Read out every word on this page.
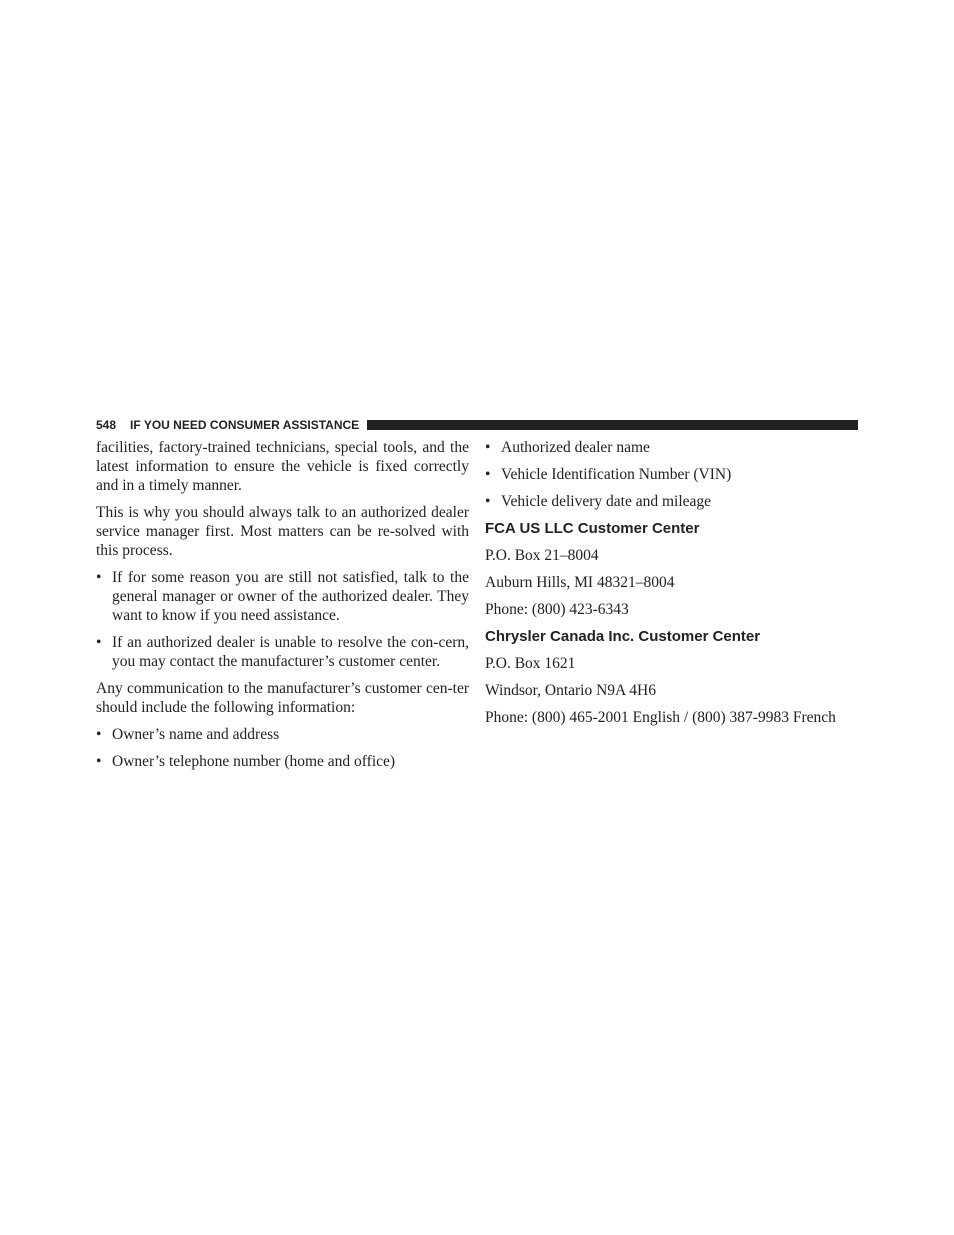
548 IF YOU NEED CONSUMER ASSISTANCE

facilities, factory-trained technicians, special tools, and the latest information to ensure the vehicle is fixed correctly and in a timely manner.

This is why you should always talk to an authorized dealer service manager first. Most matters can be re-solved with this process.

• If for some reason you are still not satisfied, talk to the general manager or owner of the authorized dealer. They want to know if you need assistance.
• If an authorized dealer is unable to resolve the con-cern, you may contact the manufacturer’s customer center.

Any communication to the manufacturer’s customer cen-ter should include the following information:

• Owner’s name and address
• Owner’s telephone number (home and office)
• Authorized dealer name
• Vehicle Identification Number (VIN)
• Vehicle delivery date and mileage
FCA US LLC Customer Center

P.O. Box 21–8004

Auburn Hills, MI 48321–8004

Phone: (800) 423-6343

Chrysler Canada Inc. Customer Center

P.O. Box 1621

Windsor, Ontario N9A 4H6

Phone: (800) 465-2001 English / (800) 387-9983 French
